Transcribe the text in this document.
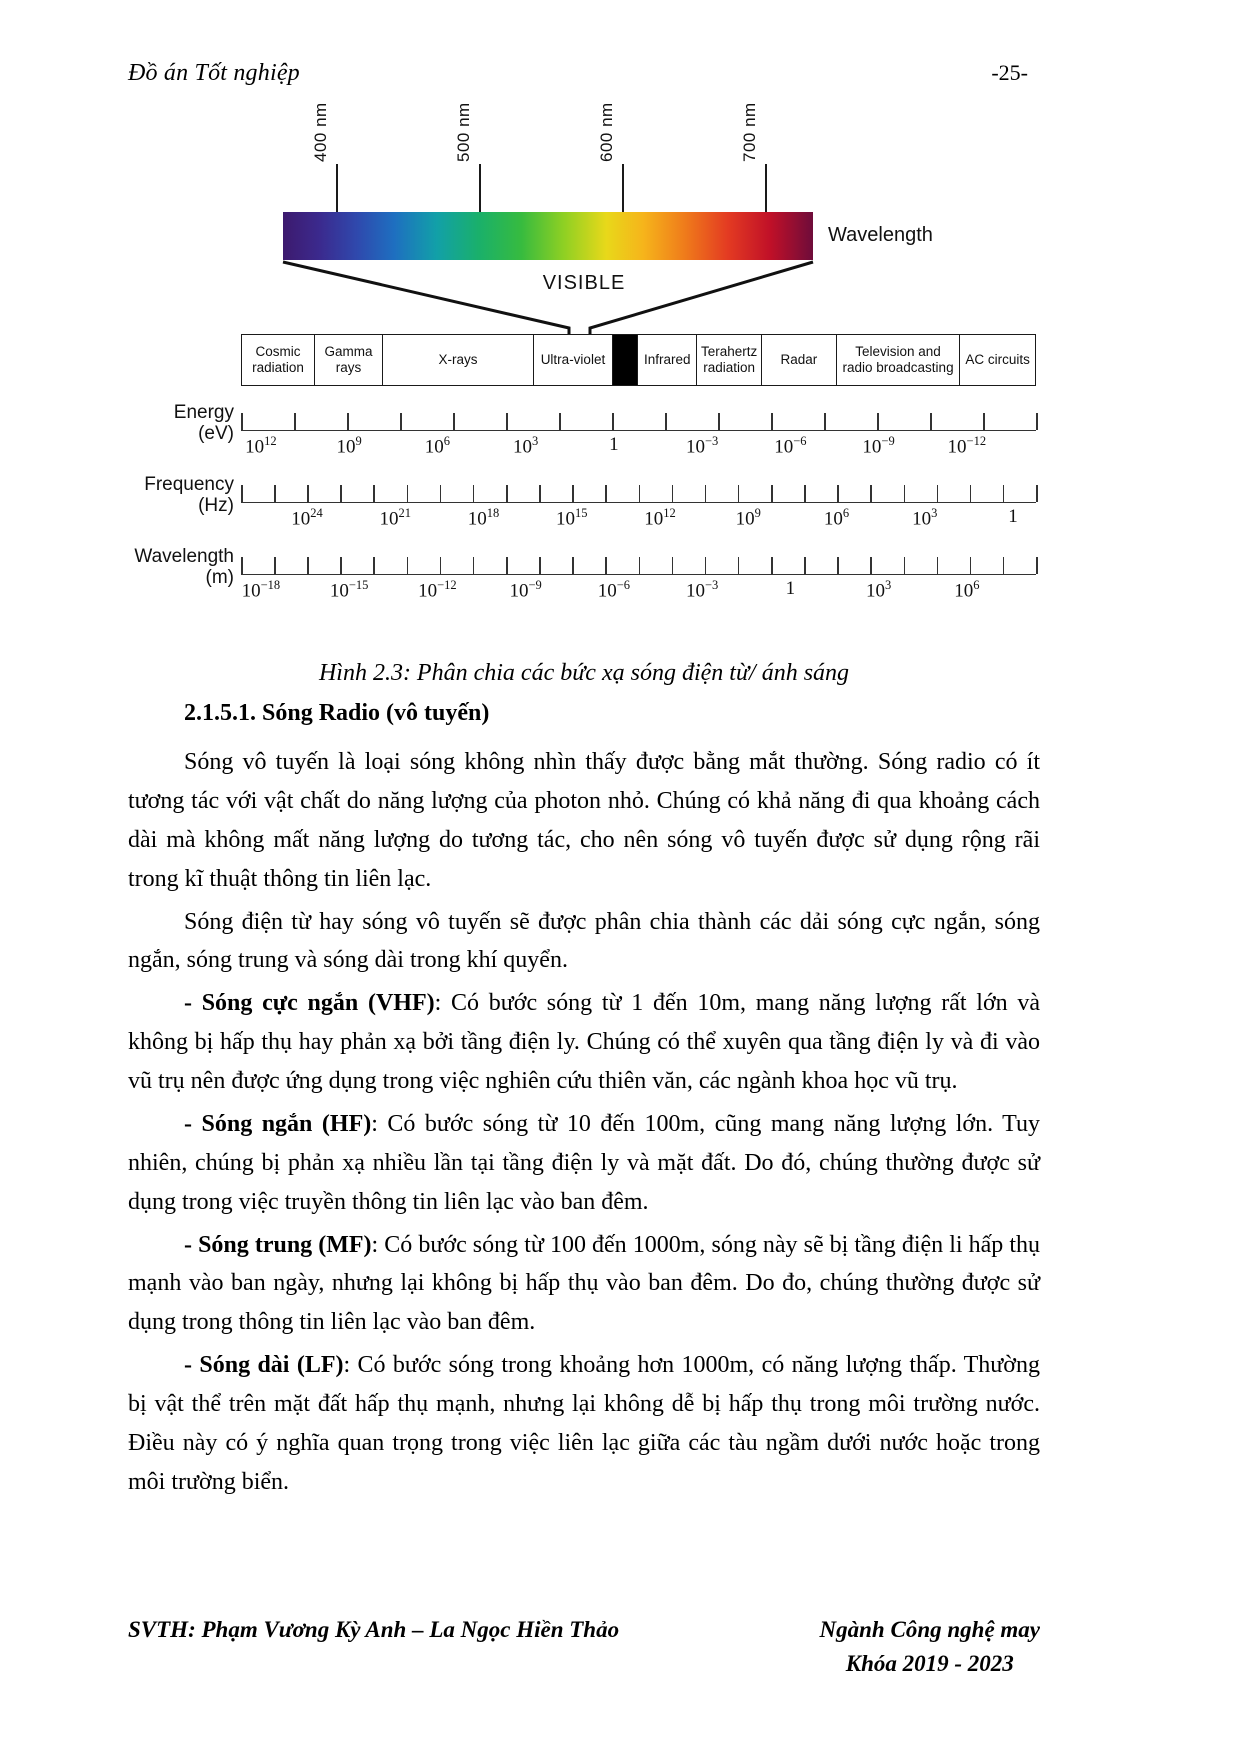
Đồ án Tốt nghiệp	-25-
400 nm	500 nm	600 nm	700 nm
Wavelength
VISIBLE
Cosmic radiation
Gamma rays
X-rays	Ultra-violet	Infrared
Terahertz radiation
Radar
Television and radio broadcasting
AC circuits
Energy
(eV)
$10^{12}$	$10^9$	$10^6$	$10^3$	1	$10^{-3}$	$10^{-6}$	$10^{-9}$	$10^{-12}$
Frequency
(Hz)
$10^{24}$	$10^{21}$	$10^{18}$	$10^{15}$	$10^{12}$	$10^9$	$10^6$	$10^3$	1
Wavelength
(m)
$10^{-18}$	$10^{-15}$	$10^{-12}$	$10^{-9}$	$10^{-6}$	$10^{-3}$	1	$10^3$	$10^6$
Hình 2.3: Phân chia các bức xạ sóng điện từ/ ánh sáng
2.1.5.1. Sóng Radio (vô tuyến)

Sóng vô tuyến là loại sóng không nhìn thấy được bằng mắt thường. Sóng radio có ít tương tác với vật chất do năng lượng của photon nhỏ. Chúng có khả năng đi qua khoảng cách dài mà không mất năng lượng do tương tác, cho nên sóng vô tuyến được sử dụng rộng rãi trong kĩ thuật thông tin liên lạc.

Sóng điện từ hay sóng vô tuyến sẽ được phân chia thành các dải sóng cực ngắn, sóng ngắn, sóng trung và sóng dài trong khí quyển.

- Sóng cực ngắn (VHF): Có bước sóng từ 1 đến 10m, mang năng lượng rất lớn và không bị hấp thụ hay phản xạ bởi tầng điện ly. Chúng có thể xuyên qua tầng điện ly và đi vào vũ trụ nên được ứng dụng trong việc nghiên cứu thiên văn, các ngành khoa học vũ trụ.

- Sóng ngắn (HF): Có bước sóng từ 10 đến 100m, cũng mang năng lượng lớn. Tuy nhiên, chúng bị phản xạ nhiều lần tại tầng điện ly và mặt đất. Do đó, chúng thường được sử dụng trong việc truyền thông tin liên lạc vào ban đêm.

- Sóng trung (MF): Có bước sóng từ 100 đến 1000m, sóng này sẽ bị tầng điện li hấp thụ mạnh vào ban ngày, nhưng lại không bị hấp thụ vào ban đêm. Do đo, chúng thường được sử dụng trong thông tin liên lạc vào ban đêm.

- Sóng dài (LF): Có bước sóng trong khoảng hơn 1000m, có năng lượng thấp. Thường bị vật thể trên mặt đất hấp thụ mạnh, nhưng lại không dễ bị hấp thụ trong môi trường nước. Điều này có ý nghĩa quan trọng trong việc liên lạc giữa các tàu ngầm dưới nước hoặc trong môi trường biển.

SVTH: Phạm Vương Kỳ Anh – La Ngọc Hiền Thảo	Ngành Công nghệ may
Khóa 2019 - 2023
